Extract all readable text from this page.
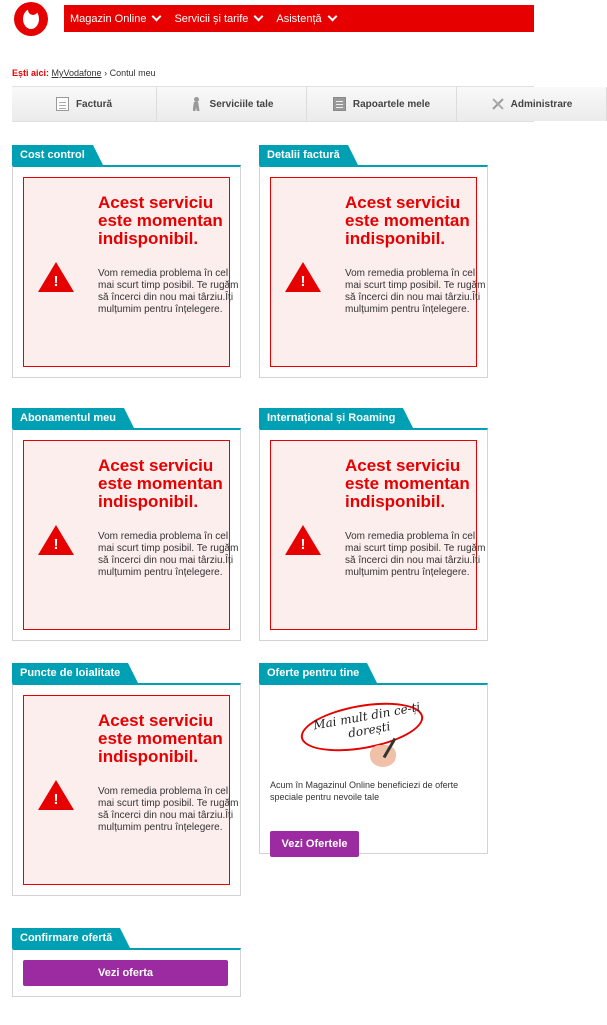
Magazin Online	Servicii și tarife	Asistență
Ești aici: MyVodafone › Contul meu
Factură	Serviciile tale	Rapoartele mele	Administrare
Cost control
!
Acest serviciu este momentan indisponibil.
Vom remedia problema în cel mai scurt timp posibil. Te rugăm să încerci din nou mai târziu.Îți mulțumim pentru înțelegere.
Detalii factură
!
Acest serviciu este momentan indisponibil.
Vom remedia problema în cel mai scurt timp posibil. Te rugăm să încerci din nou mai târziu.Îți mulțumim pentru înțelegere.
Abonamentul meu
!
Acest serviciu este momentan indisponibil.
Vom remedia problema în cel mai scurt timp posibil. Te rugăm să încerci din nou mai târziu.Îți mulțumim pentru înțelegere.
Internațional și Roaming
!
Acest serviciu este momentan indisponibil.
Vom remedia problema în cel mai scurt timp posibil. Te rugăm să încerci din nou mai târziu.Îți mulțumim pentru înțelegere.
Puncte de loialitate
!
Acest serviciu este momentan indisponibil.
Vom remedia problema în cel mai scurt timp posibil. Te rugăm să încerci din nou mai târziu.Îți mulțumim pentru înțelegere.
Oferte pentru tine
Mai mult din ce-ți dorești
Acum în Magazinul Online beneficiezi de oferte speciale pentru nevoile tale
Vezi Ofertele
Confirmare ofertă
Vezi oferta
